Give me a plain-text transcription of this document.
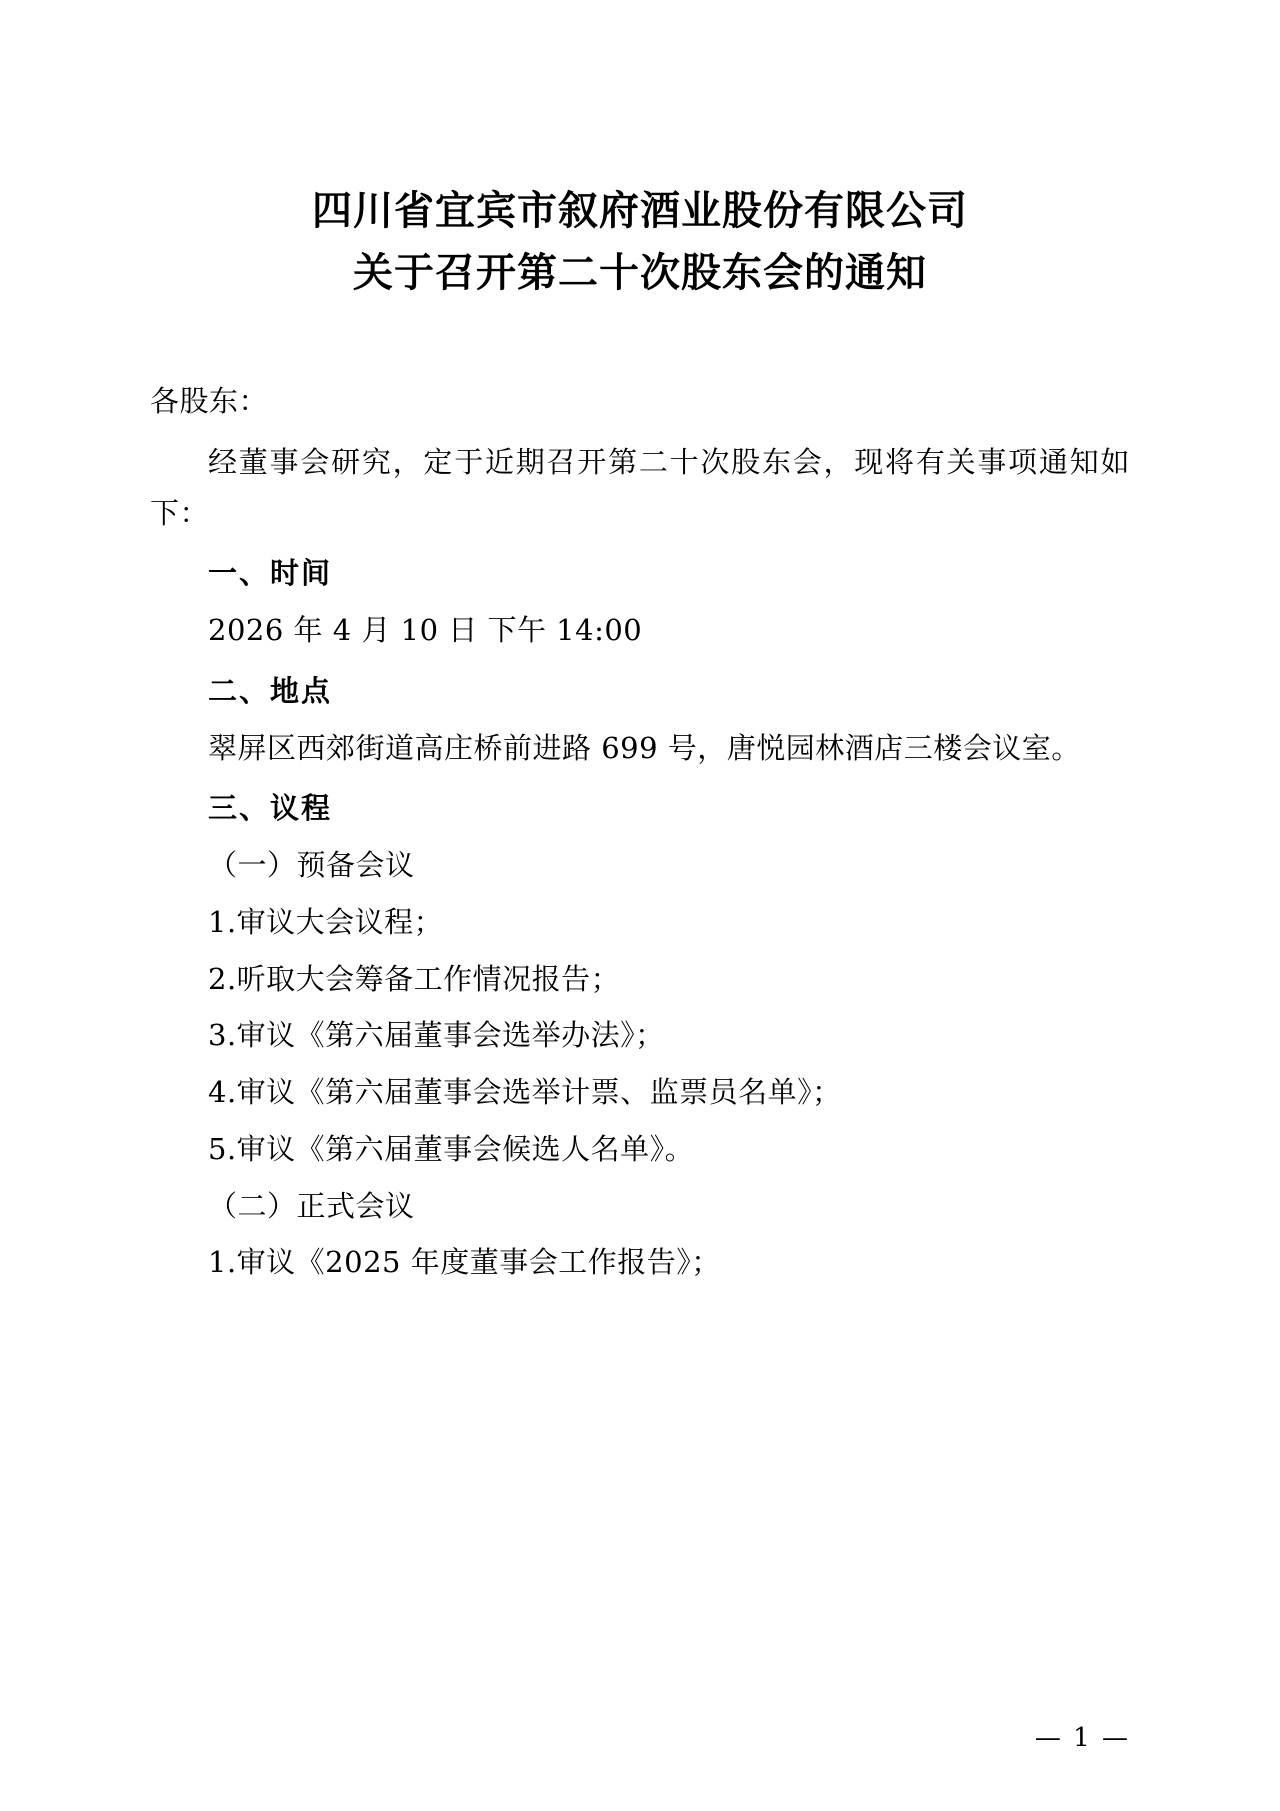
四川省宜宾市叙府酒业股份有限公司
关于召开第二十次股东会的通知

各股东：

经董事会研究，定于近期召开第二十次股东会，现将有关事项通知如下：

一、时间

2026 年 4 月 10 日 下午 14:00

二、地点

翠屏区西郊街道高庄桥前进路 699 号，唐悦园林酒店三楼会议室。

三、议程

（一）预备会议

1.审议大会议程；

2.听取大会筹备工作情况报告；

3.审议《第六届董事会选举办法》；

4.审议《第六届董事会选举计票、监票员名单》；

5.审议《第六届董事会候选人名单》。

（二）正式会议

1.审议《2025 年度董事会工作报告》；

— 1 —
